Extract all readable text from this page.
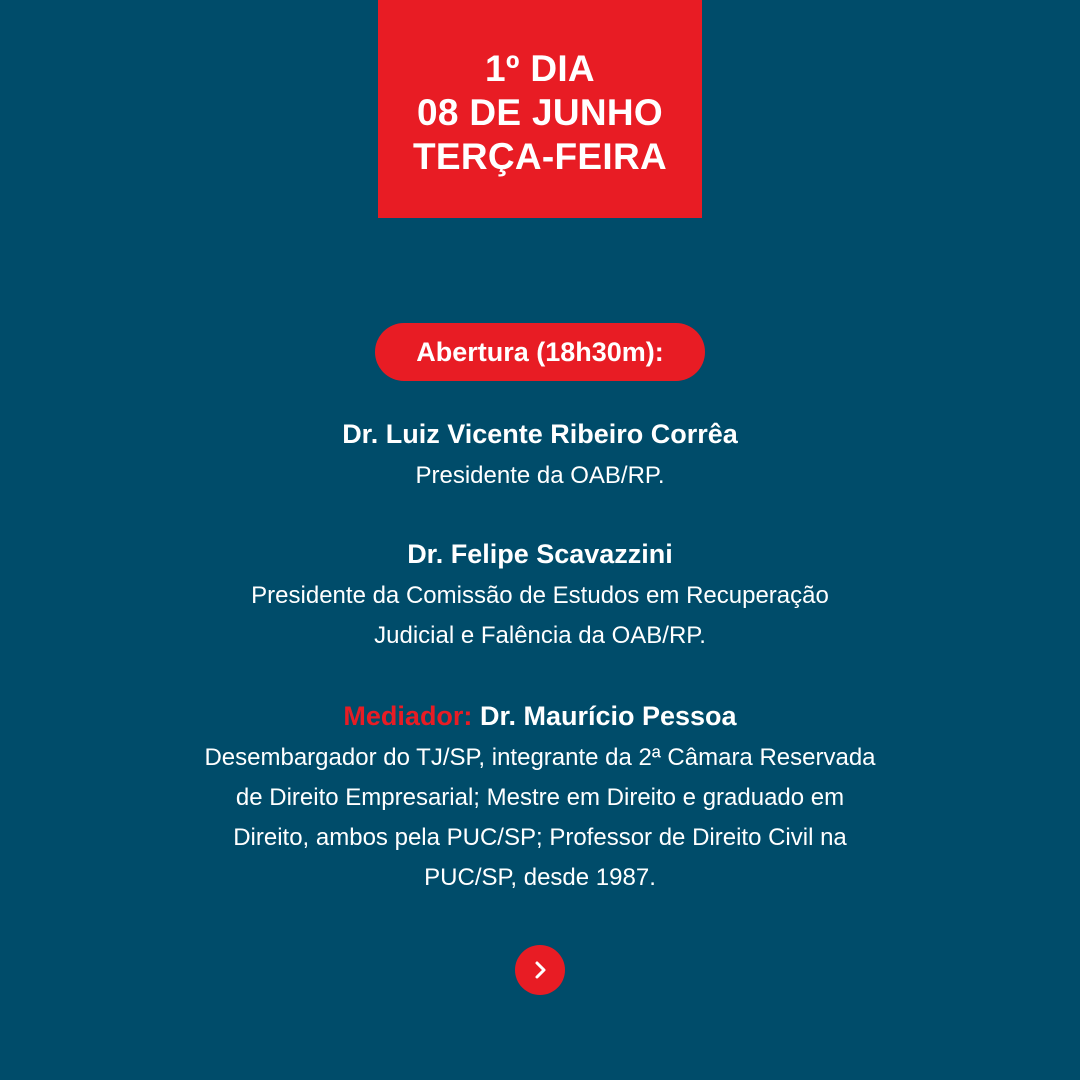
1º DIA
08 DE JUNHO
TERÇA-FEIRA
Abertura (18h30m):
Dr. Luiz Vicente Ribeiro Corrêa
Presidente da OAB/RP.
Dr. Felipe Scavazzini
Presidente da Comissão de Estudos em Recuperação
Judicial e Falência da OAB/RP.
Mediador: Dr. Maurício Pessoa
Desembargador do TJ/SP, integrante da 2ª Câmara Reservada
de Direito Empresarial; Mestre em Direito e graduado em
Direito, ambos pela PUC/SP; Professor de Direito Civil na
PUC/SP, desde 1987.
